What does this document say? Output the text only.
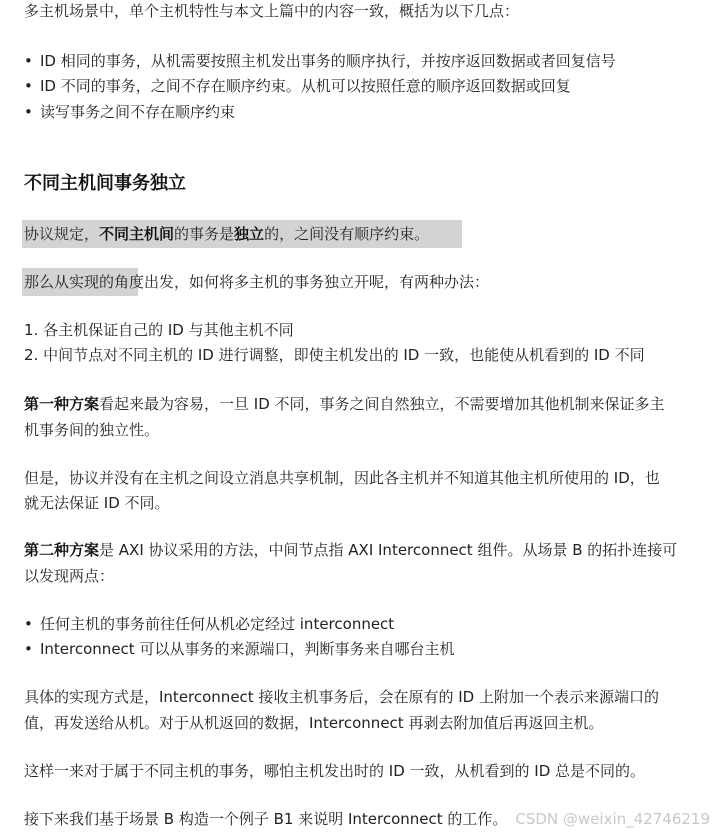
多主机场景中，单个主机特性与本文上篇中的内容一致，概括为以下几点：
• ID 相同的事务，从机需要按照主机发出事务的顺序执行，并按序返回数据或者回复信号
• ID 不同的事务，之间不存在顺序约束。从机可以按照任意的顺序返回数据或回复
• 读写事务之间不存在顺序约束
不同主机间事务独立
协议规定，不同主机间的事务是独立的，之间没有顺序约束。
那么从实现的角度出发，如何将多主机的事务独立开呢，有两种办法：
1. 各主机保证自己的 ID 与其他主机不同
2. 中间节点对不同主机的 ID 进行调整，即使主机发出的 ID 一致，也能使从机看到的 ID 不同
第一种方案看起来最为容易，一旦 ID 不同，事务之间自然独立，不需要增加其他机制来保证多主
机事务间的独立性。
但是，协议并没有在主机之间设立消息共享机制，因此各主机并不知道其他主机所使用的 ID，也
就无法保证 ID 不同。
第二种方案是 AXI 协议采用的方法，中间节点指 AXI Interconnect 组件。从场景 B 的拓扑连接可
以发现两点：
• 任何主机的事务前往任何从机必定经过 interconnect
• Interconnect 可以从事务的来源端口，判断事务来自哪台主机
具体的实现方式是，Interconnect 接收主机事务后，会在原有的 ID 上附加一个表示来源端口的
值，再发送给从机。对于从机返回的数据，Interconnect 再剥去附加值后再返回主机。
这样一来对于属于不同主机的事务，哪怕主机发出时的 ID 一致，从机看到的 ID 总是不同的。
接下来我们基于场景 B 构造一个例子 B1 来说明 Interconnect 的工作。 CSDN @weixin_42746219
